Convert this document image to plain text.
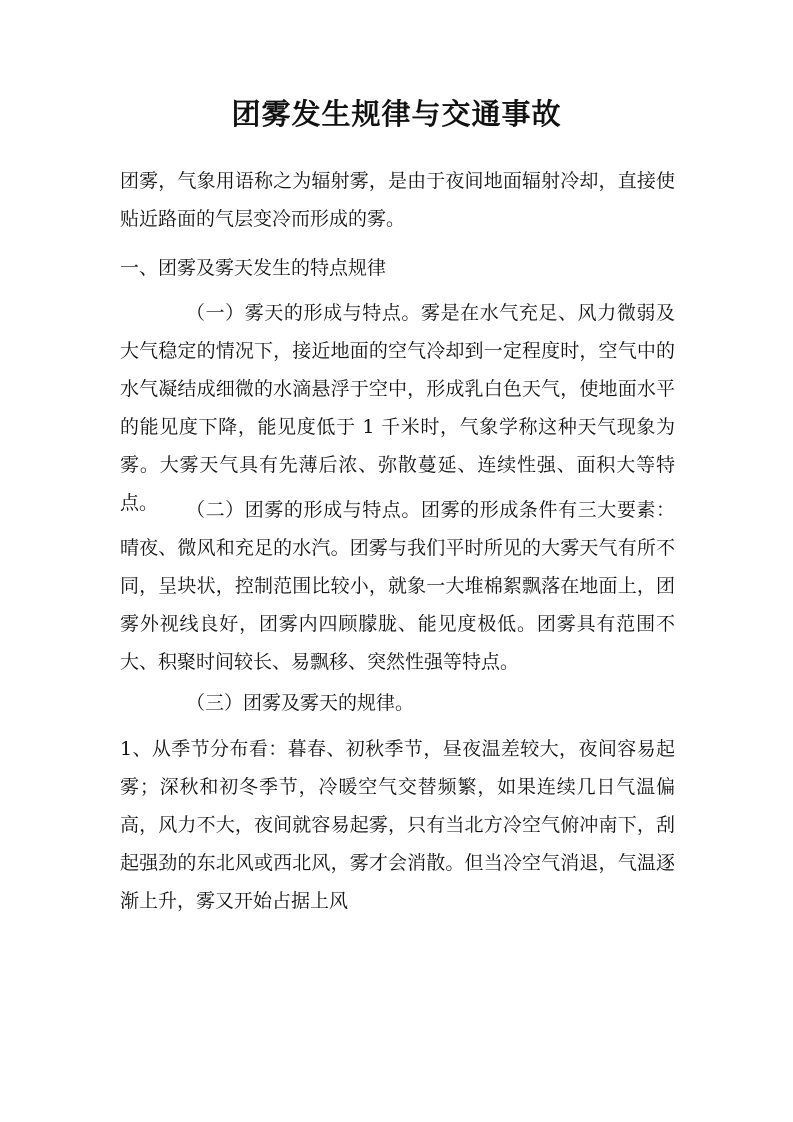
团雾发生规律与交通事故

团雾，气象用语称之为辐射雾，是由于夜间地面辐射冷却，直接使贴近路面的气层变冷而形成的雾。

一、团雾及雾天发生的特点规律

（一）雾天的形成与特点。雾是在水气充足、风力微弱及大气稳定的情况下，接近地面的空气冷却到一定程度时，空气中的水气凝结成细微的水滴悬浮于空中，形成乳白色天气，使地面水平的能见度下降，能见度低于 1 千米时，气象学称这种天气现象为雾。大雾天气具有先薄后浓、弥散蔓延、连续性强、面积大等特点。	（二）团雾的形成与特点。团雾的形成条件有三大要素：晴夜、微风和充足的水汽。团雾与我们平时所见的大雾天气有所不同，呈块状，控制范围比较小，就象一大堆棉絮飘落在地面上，团雾外视线良好，团雾内四顾朦胧、能见度极低。团雾具有范围不大、积聚时间较长、易飘移、突然性强等特点。

（三）团雾及雾天的规律。

1、从季节分布看：暮春、初秋季节，昼夜温差较大，夜间容易起雾；深秋和初冬季节，冷暖空气交替频繁，如果连续几日气温偏高，风力不大，夜间就容易起雾，只有当北方冷空气俯冲南下，刮起强劲的东北风或西北风，雾才会消散。但当冷空气消退，气温逐渐上升，雾又开始占据上风
